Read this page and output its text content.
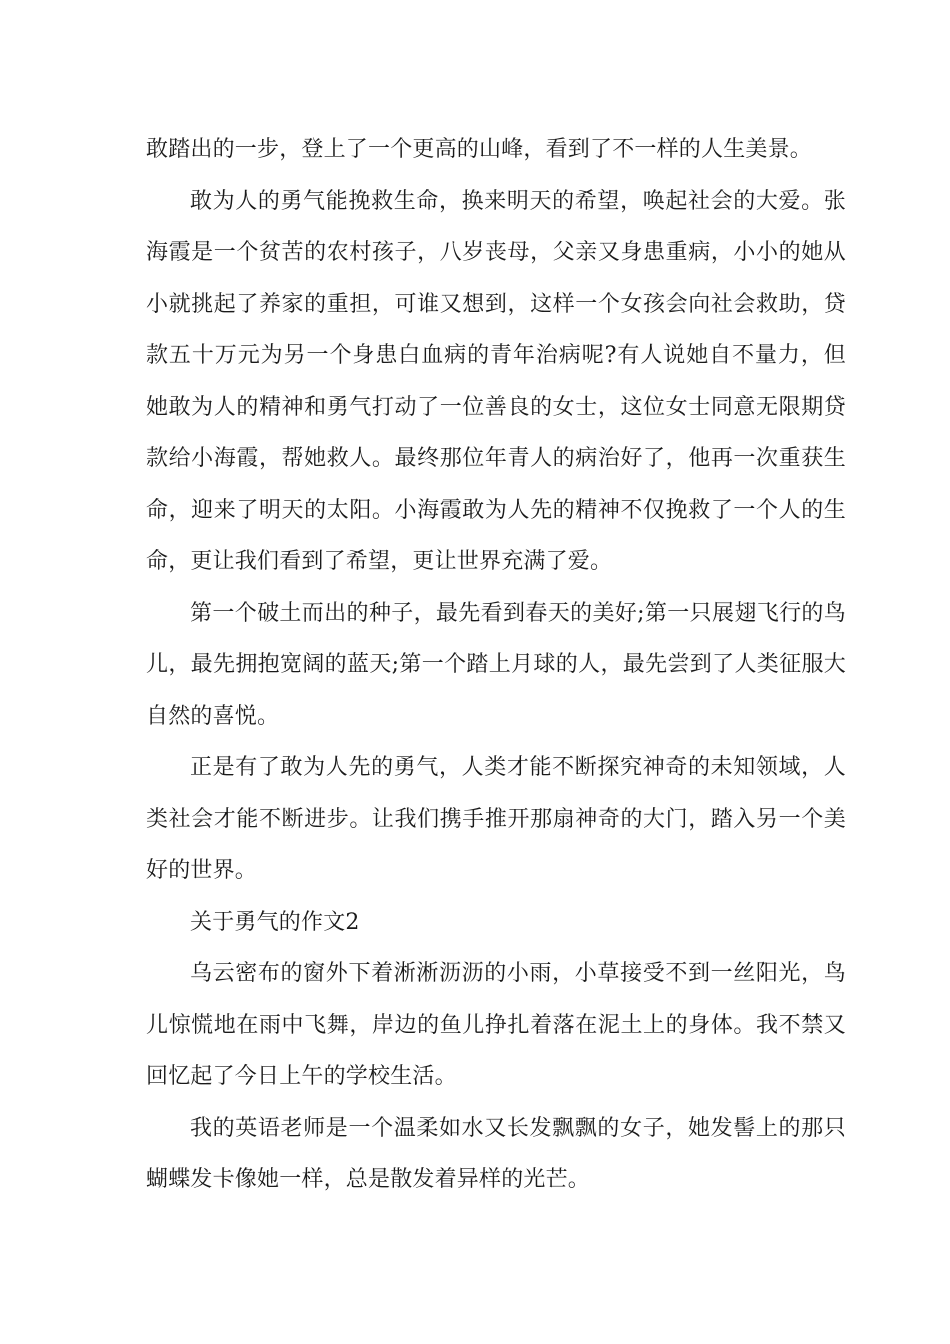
敢踏出的一步，登上了一个更高的山峰，看到了不一样的人生美景。

敢为人的勇气能挽救生命，换来明天的希望，唤起社会的大爱。张海霞是一个贫苦的农村孩子，八岁丧母，父亲又身患重病，小小的她从小就挑起了养家的重担，可谁又想到，这样一个女孩会向社会救助，贷款五十万元为另一个身患白血病的青年治病呢?有人说她自不量力，但她敢为人的精神和勇气打动了一位善良的女士，这位女士同意无限期贷款给小海霞，帮她救人。最终那位年青人的病治好了，他再一次重获生命，迎来了明天的太阳。小海霞敢为人先的精神不仅挽救了一个人的生命，更让我们看到了希望，更让世界充满了爱。

第一个破土而出的种子，最先看到春天的美好;第一只展翅飞行的鸟儿，最先拥抱宽阔的蓝天;第一个踏上月球的人，最先尝到了人类征服大自然的喜悦。

正是有了敢为人先的勇气，人类才能不断探究神奇的未知领域，人类社会才能不断进步。让我们携手推开那扇神奇的大门，踏入另一个美好的世界。

关于勇气的作文2

乌云密布的窗外下着淅淅沥沥的小雨，小草接受不到一丝阳光，鸟儿惊慌地在雨中飞舞，岸边的鱼儿挣扎着落在泥土上的身体。我不禁又回忆起了今日上午的学校生活。

我的英语老师是一个温柔如水又长发飘飘的女子，她发髻上的那只蝴蝶发卡像她一样，总是散发着异样的光芒。
